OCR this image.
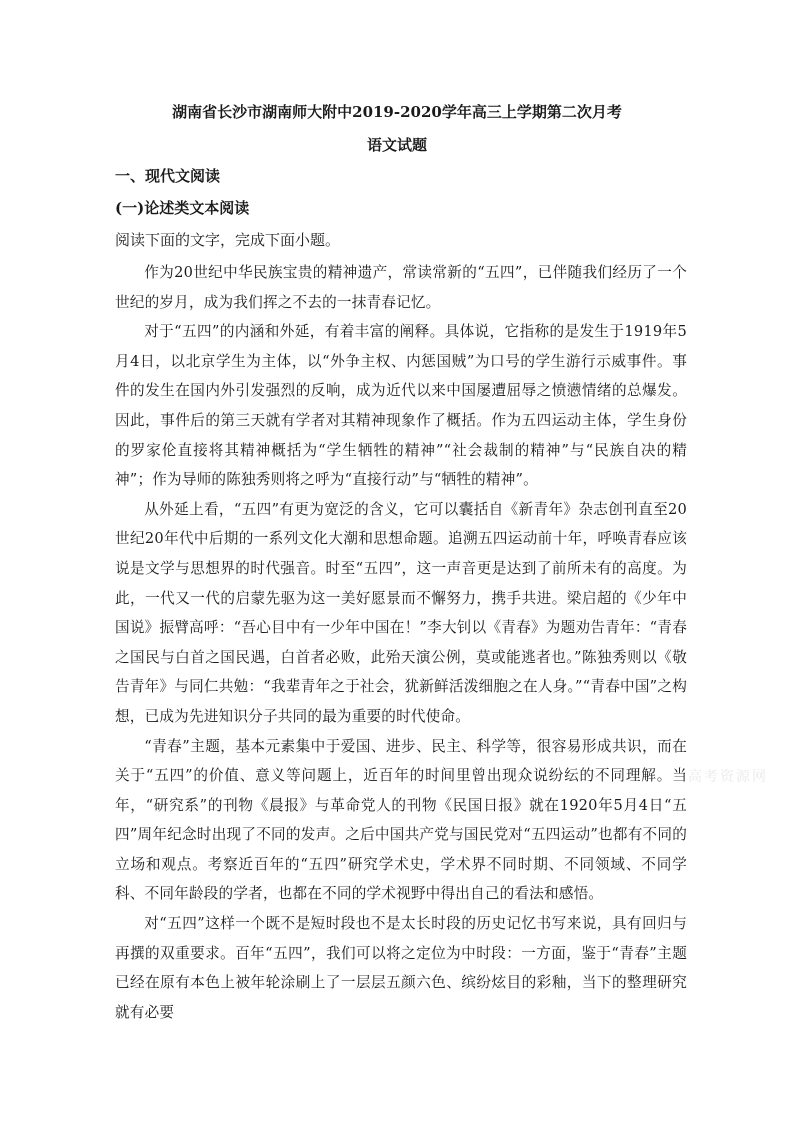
湖南省长沙市湖南师大附中2019-2020学年高三上学期第二次月考
语文试题
一、现代文阅读
(一)论述类文本阅读
阅读下面的文字，完成下面小题。

作为20世纪中华民族宝贵的精神遗产，常读常新的“五四”，已伴随我们经历了一个世纪的岁月，成为我们挥之不去的一抹青春记忆。

对于“五四”的内涵和外延，有着丰富的阐释。具体说，它指称的是发生于1919年5月4日，以北京学生为主体，以“外争主权、内惩国贼”为口号的学生游行示威事件。事件的发生在国内外引发强烈的反响，成为近代以来中国屡遭屈辱之愤懑情绪的总爆发。因此，事件后的第三天就有学者对其精神现象作了概括。作为五四运动主体，学生身份的罗家伦直接将其精神概括为“学生牺牲的精神”“社会裁制的精神”与“民族自决的精神”；作为导师的陈独秀则将之呼为“直接行动”与“牺牲的精神”。

从外延上看，“五四”有更为宽泛的含义，它可以囊括自《新青年》杂志创刊直至20世纪20年代中后期的一系列文化大潮和思想命题。追溯五四运动前十年，呼唤青春应该说是文学与思想界的时代强音。时至“五四”，这一声音更是达到了前所未有的高度。为此，一代又一代的启蒙先驱为这一美好愿景而不懈努力，携手共进。梁启超的《少年中国说》振臂高呼：“吾心目中有一少年中国在！”李大钊以《青春》为题劝告青年：“青春之国民与白首之国民遇，白首者必败，此殆天演公例，莫或能逃者也。”陈独秀则以《敬告青年》与同仁共勉：“我辈青年之于社会，犹新鲜活泼细胞之在人身。”“青春中国”之构想，已成为先进知识分子共同的最为重要的时代使命。

“青春”主题，基本元素集中于爱国、进步、民主、科学等，很容易形成共识，而在关于“五四”的价值、意义等问题上，近百年的时间里曾出现众说纷纭的不同理解。当年，“研究系”的刊物《晨报》与革命党人的刊物《民国日报》就在1920年5月4日“五四”周年纪念时出现了不同的发声。之后中国共产党与国民党对“五四运动”也都有不同的立场和观点。考察近百年的“五四”研究学术史，学术界不同时期、不同领域、不同学科、不同年龄段的学者，也都在不同的学术视野中得出自己的看法和感悟。

对“五四”这样一个既不是短时段也不是太长时段的历史记忆书写来说，具有回归与再撰的双重要求。百年“五四”，我们可以将之定位为中时段：一方面，鉴于“青春”主题已经在原有本色上被年轮涂刷上了一层层五颜六色、缤纷炫目的彩釉，当下的整理研究就有必要

高考资源网
